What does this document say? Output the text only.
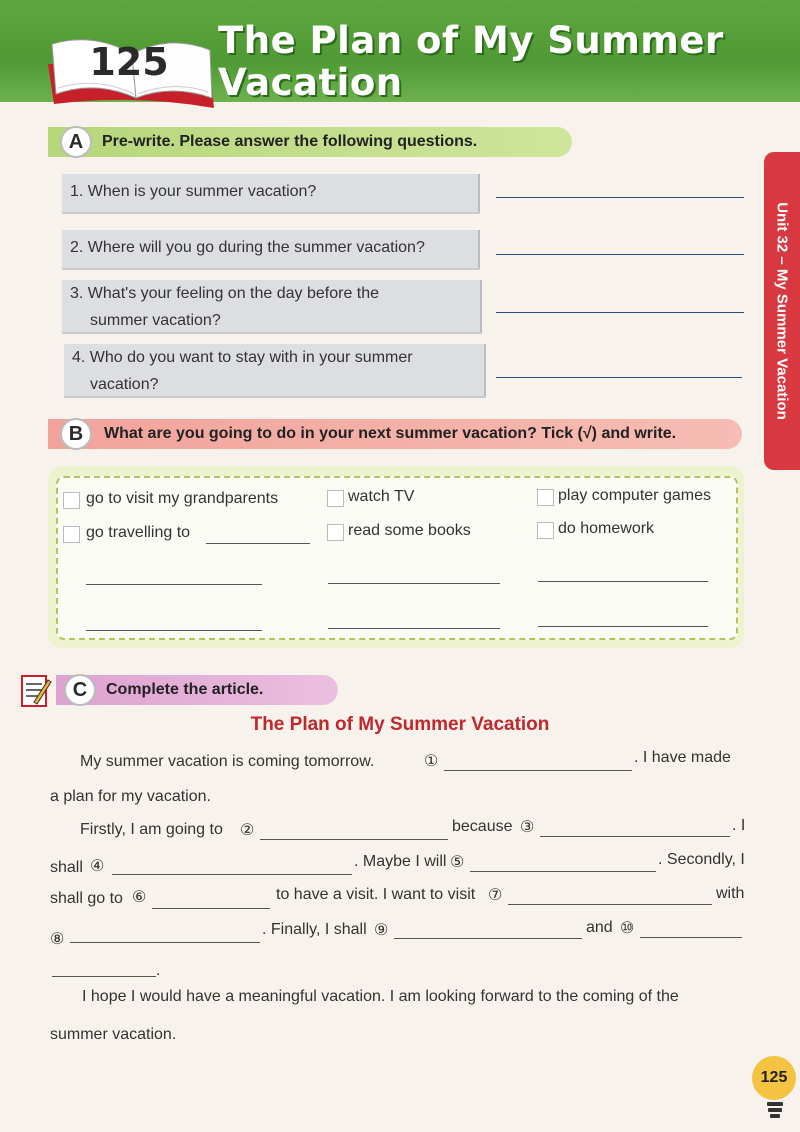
125 The Plan of My Summer
Vacation
Unit 32 – My Summer Vacation
A	Pre-write. Please answer the following questions.
1. When is your summer vacation?
2. Where will you go during the summer vacation?
3. What's your feeling on the day before the
summer vacation?
4. Who do you want to stay with in your summer
vacation?
B	What are you going to do in your next summer vacation? Tick (√) and write.
go to visit my grandparents	watch TV	play computer games
go travelling to	read some books	do homework
C	Complete the article.
The Plan of My Summer Vacation
My summer vacation is coming tomorrow.	①	. I have made
a plan for my vacation.
Firstly, I am going to ②	because ③	. I
shall ④	. Maybe I will ⑤	. Secondly, I
shall go to ⑥	to have a visit. I want to visit ⑦	with
⑧
. Finally, I shall ⑨	and ⑩
.
I hope I would have a meaningful vacation. I am looking forward to the coming of the
summer vacation.
125
